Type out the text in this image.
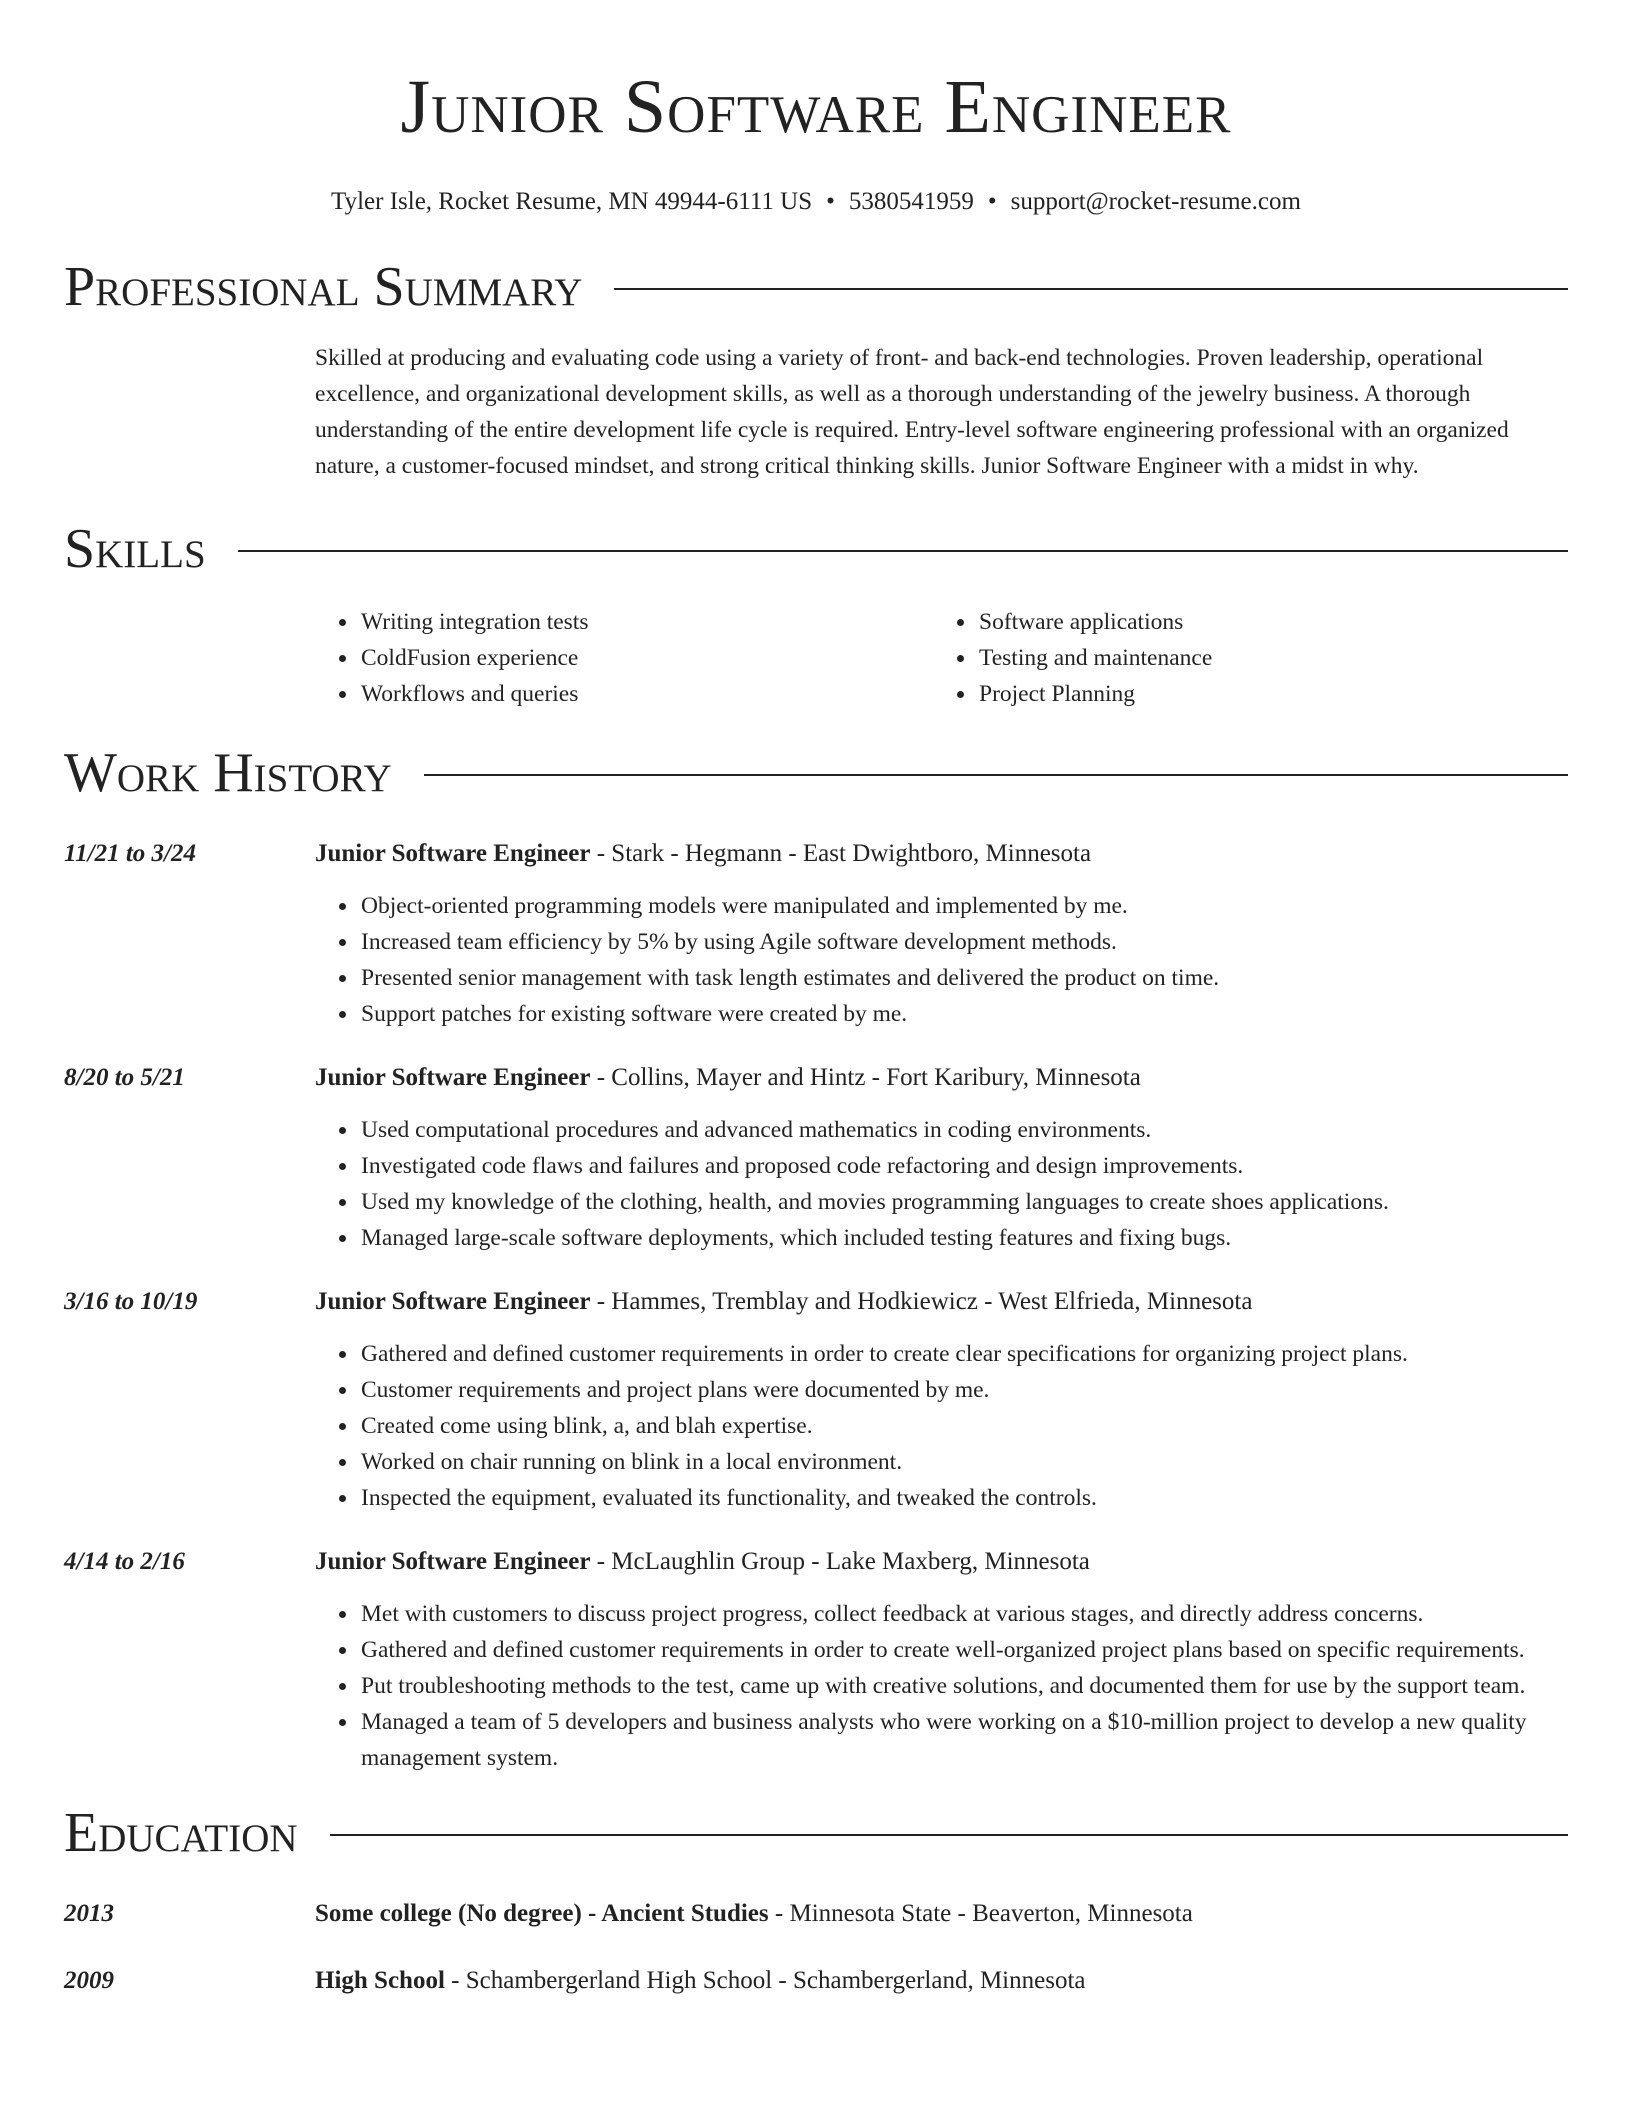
Junior Software Engineer
Tyler Isle, Rocket Resume, MN 49944-6111 US • 5380541959 • support@rocket-resume.com
Professional Summary
Skilled at producing and evaluating code using a variety of front- and back-end technologies. Proven leadership, operational excellence, and organizational development skills, as well as a thorough understanding of the jewelry business. A thorough understanding of the entire development life cycle is required. Entry-level software engineering professional with an organized nature, a customer-focused mindset, and strong critical thinking skills. Junior Software Engineer with a midst in why.
Skills
• Writing integration tests
• ColdFusion experience
• Workflows and queries
• Software applications
• Testing and maintenance
• Project Planning
Work History
11/21 to 3/24	Junior Software Engineer - Stark - Hegmann - East Dwightboro, Minnesota
• Object-oriented programming models were manipulated and implemented by me.
• Increased team efficiency by 5% by using Agile software development methods.
• Presented senior management with task length estimates and delivered the product on time.
• Support patches for existing software were created by me.
8/20 to 5/21	Junior Software Engineer - Collins, Mayer and Hintz - Fort Karibury, Minnesota
• Used computational procedures and advanced mathematics in coding environments.
• Investigated code flaws and failures and proposed code refactoring and design improvements.
• Used my knowledge of the clothing, health, and movies programming languages to create shoes applications.
• Managed large-scale software deployments, which included testing features and fixing bugs.
3/16 to 10/19	Junior Software Engineer - Hammes, Tremblay and Hodkiewicz - West Elfrieda, Minnesota
• Gathered and defined customer requirements in order to create clear specifications for organizing project plans.
• Customer requirements and project plans were documented by me.
• Created come using blink, a, and blah expertise.
• Worked on chair running on blink in a local environment.
• Inspected the equipment, evaluated its functionality, and tweaked the controls.
4/14 to 2/16	Junior Software Engineer - McLaughlin Group - Lake Maxberg, Minnesota
• Met with customers to discuss project progress, collect feedback at various stages, and directly address concerns.
• Gathered and defined customer requirements in order to create well-organized project plans based on specific requirements.
• Put troubleshooting methods to the test, came up with creative solutions, and documented them for use by the support team.
• Managed a team of 5 developers and business analysts who were working on a $10-million project to develop a new quality management system.
Education
2013	Some college (No degree) - Ancient Studies - Minnesota State - Beaverton, Minnesota
2009	High School - Schambergerland High School - Schambergerland, Minnesota
